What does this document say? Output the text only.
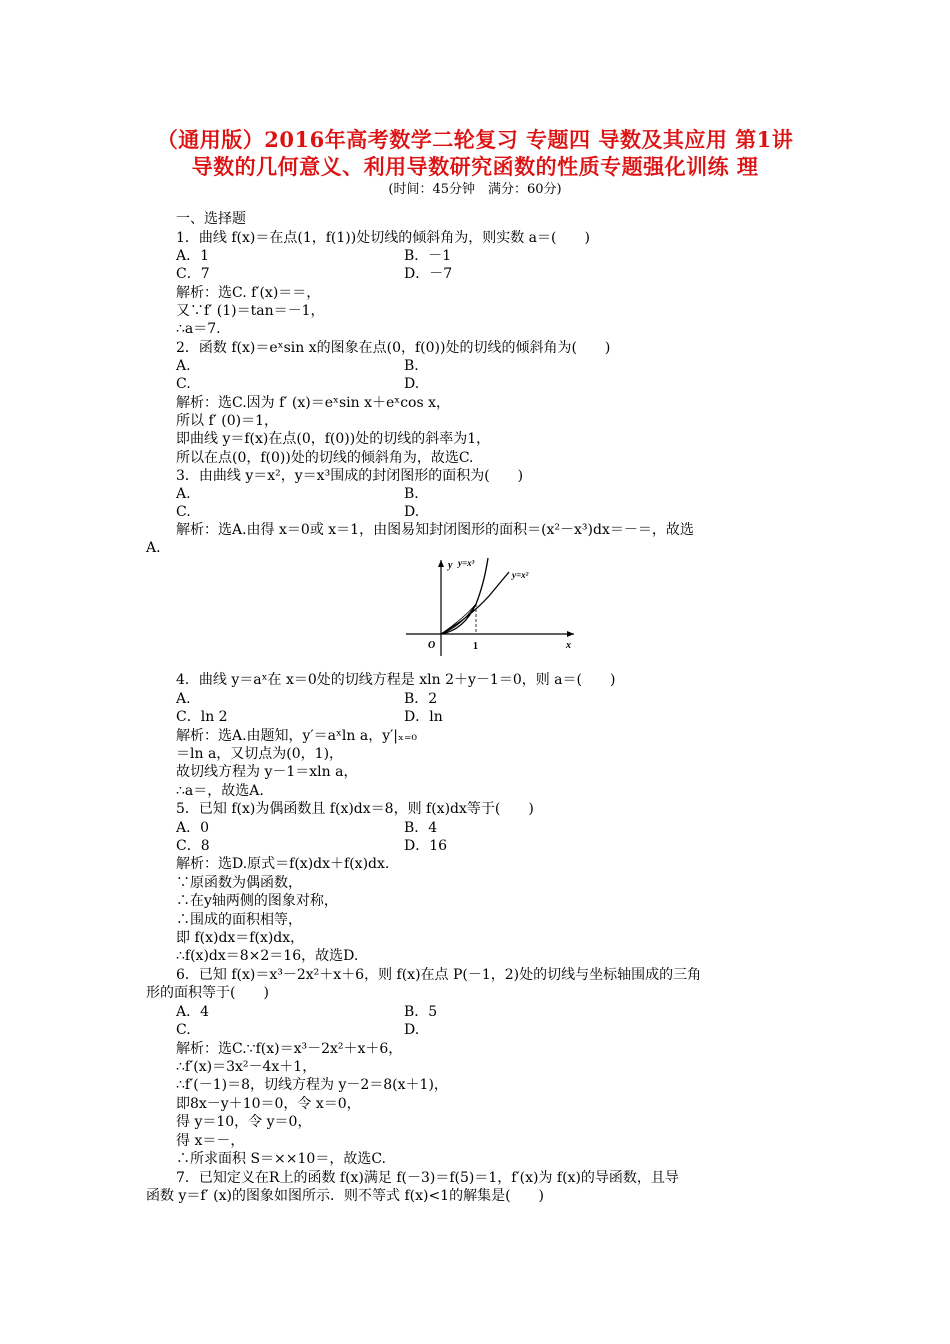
（通用版）2016年高考数学二轮复习 专题四 导数及其应用 第1讲
导数的几何意义、利用导数研究函数的性质专题强化训练 理
(时间：45分钟　满分：60分)
一、选择题
1．曲线 f(x)＝在点(1，f(1))处切线的倾斜角为，则实数 a＝(　　)
A．1	B．－1
C．7	D．－7
解析：选C. f′(x)＝＝，
又∵f′ (1)＝tan＝－1，
∴a＝7.
2．函数 f(x)＝eˣsin x的图象在点(0，f(0))处的切线的倾斜角为(　　)
A.	B.
C.	D.
解析：选C.因为 f′ (x)＝eˣsin x＋eˣcos x，
所以 f′ (0)＝1，
即曲线 y＝f(x)在点(0，f(0))处的切线的斜率为1，
所以在点(0，f(0))处的切线的倾斜角为，故选C.
3．由曲线 y＝x²，y＝x³围成的封闭图形的面积为(　　)
A.	B.
C.	D.
解析：选A.由得 x＝0或 x＝1，由图易知封闭图形的面积＝(x²－x³)dx＝－＝，故选
A.
4．曲线 y＝aˣ在 x＝0处的切线方程是 xln 2＋y－1＝0，则 a＝(　　)
A.	B．2
C．ln 2	D．ln
解析：选A.由题知，y′＝aˣln a，y′|ₓ₌₀
＝ln a，又切点为(0，1)，
故切线方程为 y－1＝xln a，
∴a＝，故选A.
5．已知 f(x)为偶函数且 f(x)dx＝8，则 f(x)dx等于(　　)
A．0	B．4
C．8	D．16
解析：选D.原式＝f(x)dx＋f(x)dx.
∵原函数为偶函数，
∴在y轴两侧的图象对称，
∴围成的面积相等，
即 f(x)dx＝f(x)dx，
∴f(x)dx＝8×2＝16，故选D.
6．已知 f(x)＝x³－2x²＋x＋6，则 f(x)在点 P(－1，2)处的切线与坐标轴围成的三角
形的面积等于(　　)
A．4	B．5
C.	D.
解析：选C.∵f(x)＝x³－2x²＋x＋6，
∴f′(x)＝3x²－4x＋1，
∴f′(－1)＝8，切线方程为 y－2＝8(x＋1)，
即8x－y＋10＝0，令 x＝0，
得 y＝10，令 y＝0，
得 x＝－，
∴所求面积 S＝××10＝，故选C.
7．已知定义在R上的函数 f(x)满足 f(－3)＝f(5)＝1，f′(x)为 f(x)的导函数，且导
函数 y＝f′ (x)的图象如图所示．则不等式 f(x)<1的解集是(　　)
y y=x³
y=x²
O	1	x
